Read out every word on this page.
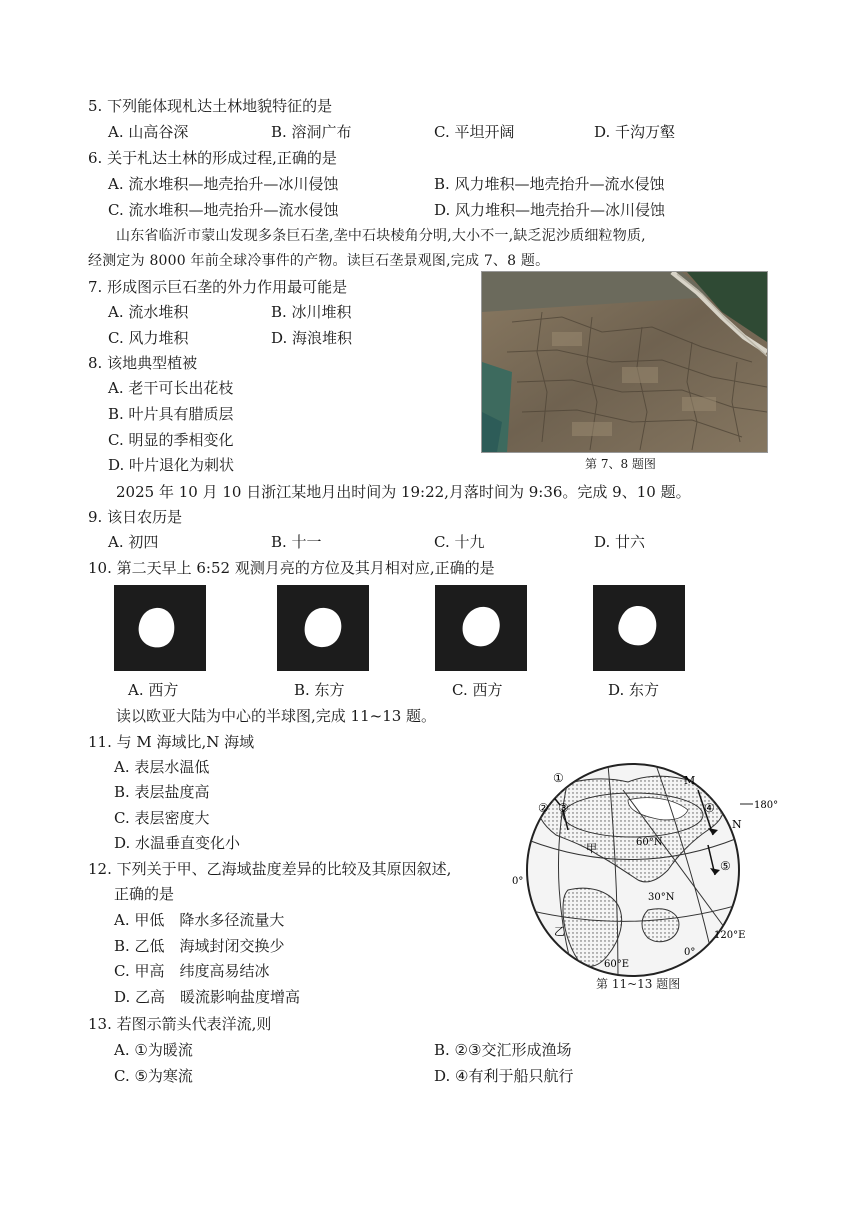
5. 下列能体现札达土林地貌特征的是
A. 山高谷深	B. 溶洞广布	C. 平坦开阔	D. 千沟万壑
6. 关于札达土林的形成过程,正确的是
A. 流水堆积—地壳抬升—冰川侵蚀	B. 风力堆积—地壳抬升—流水侵蚀
C. 流水堆积—地壳抬升—流水侵蚀	D. 风力堆积—地壳抬升—冰川侵蚀
山东省临沂市蒙山发现多条巨石垄,垄中石块棱角分明,大小不一,缺乏泥沙质细粒物质,
经测定为 8000 年前全球冷事件的产物。读巨石垄景观图,完成 7、8 题。
7. 形成图示巨石垄的外力作用最可能是
A. 流水堆积	B. 冰川堆积
C. 风力堆积	D. 海浪堆积
8. 该地典型植被
A. 老干可长出花枝
B. 叶片具有腊质层
C. 明显的季相变化
D. 叶片退化为刺状	第 7、8 题图
2025 年 10 月 10 日浙江某地月出时间为 19:22,月落时间为 9:36。完成 9、10 题。
9. 该日农历是
A. 初四	B. 十一	C. 十九	D. 廿六
10. 第二天早上 6:52 观测月亮的方位及其月相对应,正确的是
A. 西方	B. 东方	C. 西方	D. 东方
读以欧亚大陆为中心的半球图,完成 11~13 题。
11. 与 M 海域比,N 海域
A. 表层水温低
B. 表层盐度高
C. 表层密度大
D. 水温垂直变化小
12. 下列关于甲、乙海域盐度差异的比较及其原因叙述,
正确的是
A. 甲低　降水多径流量大
B. 乙低　海域封闭交换少
C. 甲高　纬度高易结冰
D. 乙高　暖流影响盐度增高
①
② ③	④
⑤
M
N
甲
乙
60°N
30°N
0°
180°
120°E
60°E
0°
第 11~13 题图
13. 若图示箭头代表洋流,则
A. ①为暖流	B. ②③交汇形成渔场
C. ⑤为寒流	D. ④有利于船只航行
